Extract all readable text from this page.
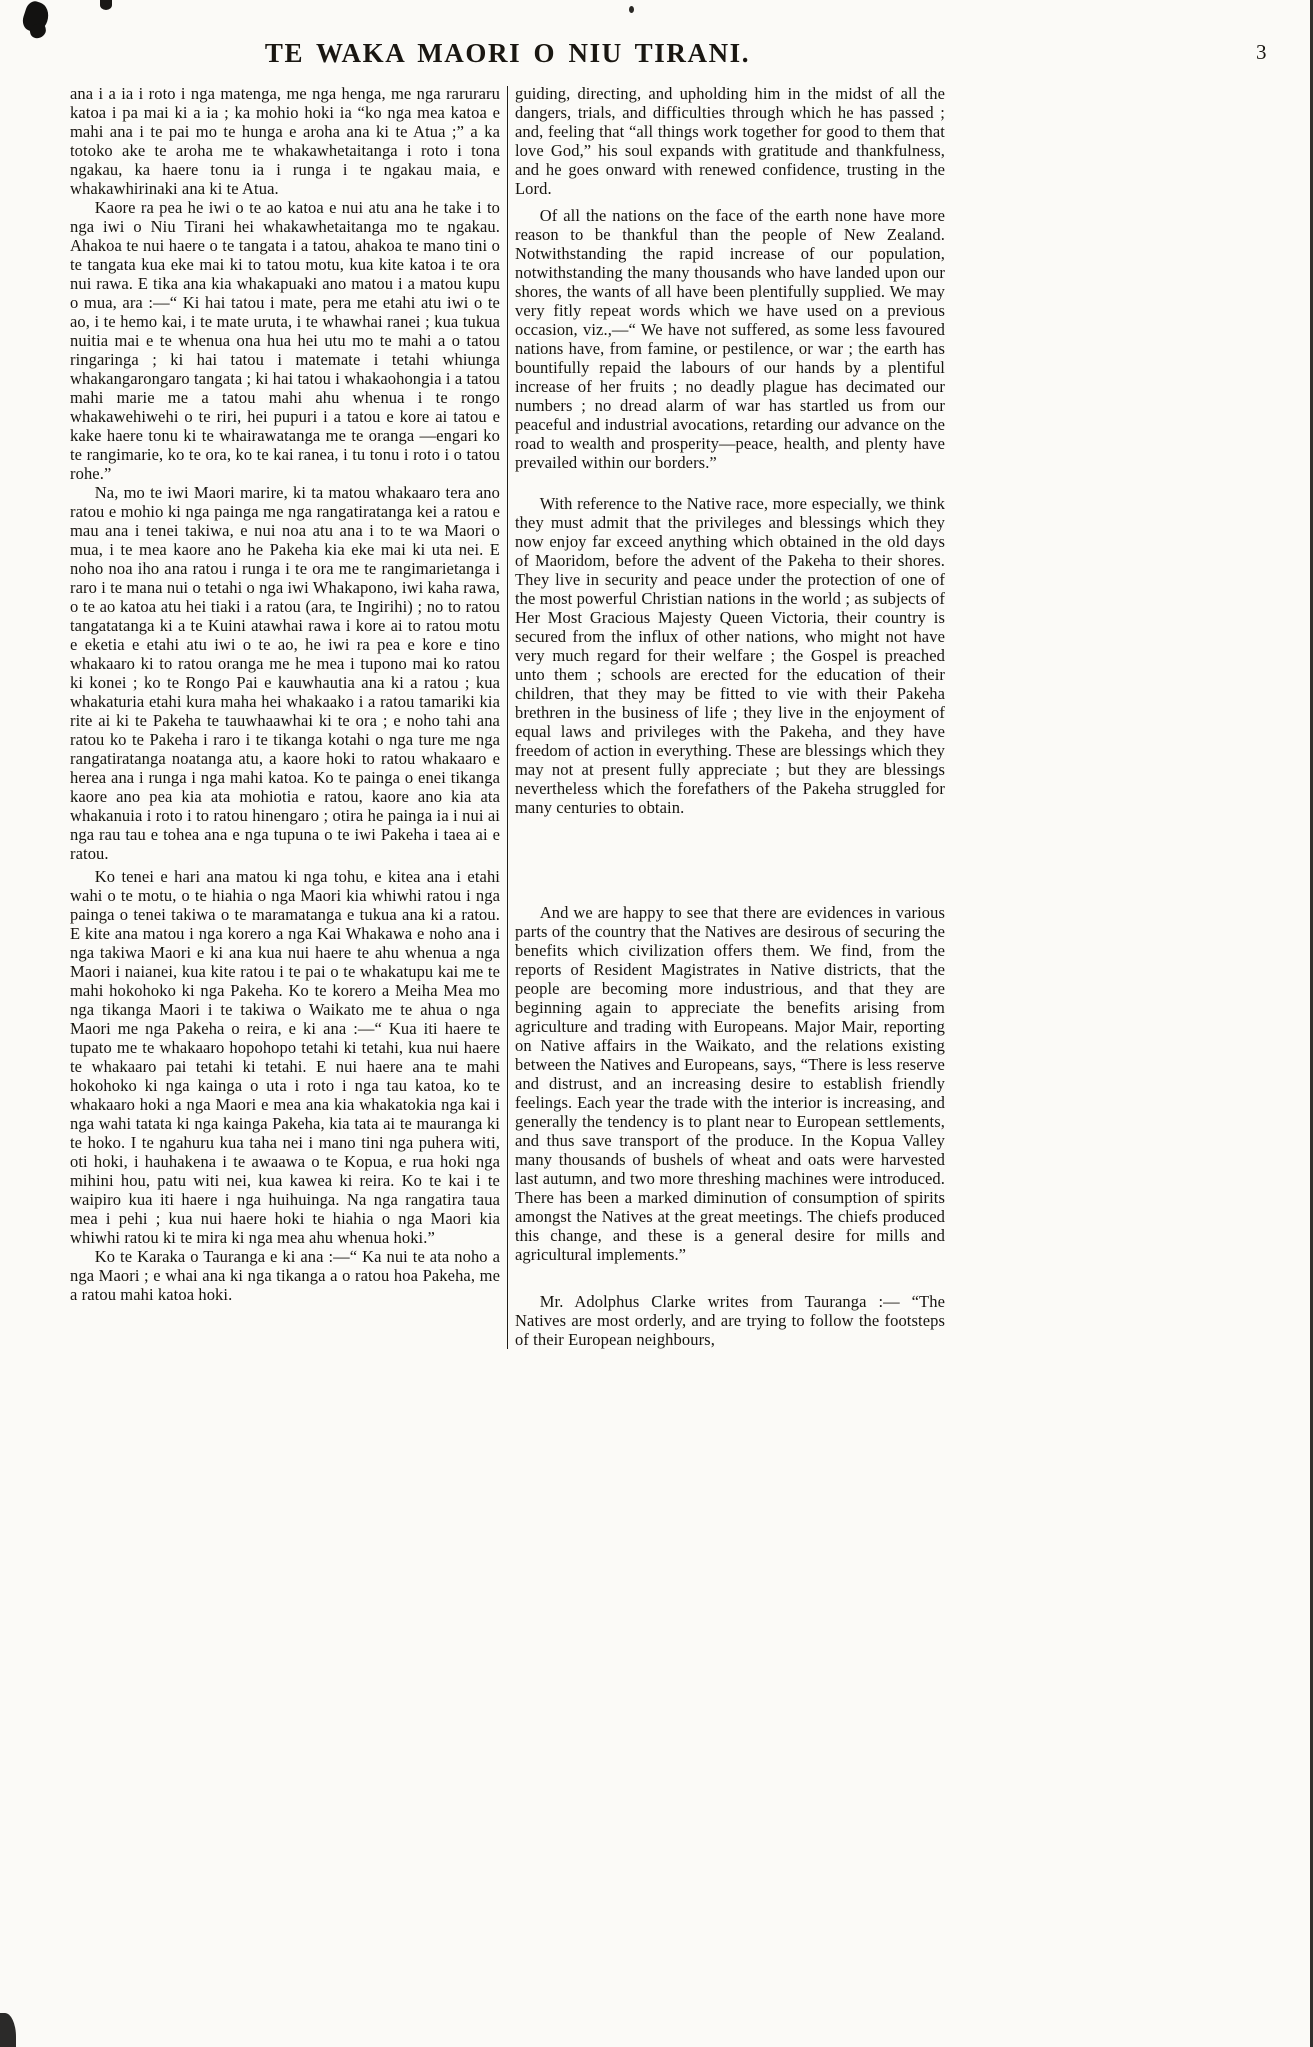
TE WAKA MAORI O NIU TIRANI.	3

ana i a ia i roto i nga matenga, me nga henga, me nga raruraru katoa i pa mai ki a ia ; ka mohio hoki ia “ko nga mea katoa e mahi ana i te pai mo te hunga e aroha ana ki te Atua ;” a ka totoko ake te aroha me te whakawhetaitanga i roto i tona ngakau, ka haere tonu ia i runga i te ngakau maia, e whakawhirinaki ana ki te Atua.

Kaore ra pea he iwi o te ao katoa e nui atu ana he take i to nga iwi o Niu Tirani hei whakawhetaitanga mo te ngakau. Ahakoa te nui haere o te tangata i a tatou, ahakoa te mano tini o te tangata kua eke mai ki to tatou motu, kua kite katoa i te ora nui rawa. E tika ana kia whakapuaki ano matou i a matou kupu o mua, ara :—“ Ki hai tatou i mate, pera me etahi atu iwi o te ao, i te hemo kai, i te mate uruta, i te whawhai ranei ; kua tukua nuitia mai e te whenua ona hua hei utu mo te mahi a o tatou ringaringa ; ki hai tatou i matemate i tetahi whiunga whakangarongaro tangata ; ki hai tatou i whakaohongia i a tatou mahi marie me a tatou mahi ahu whenua i te rongo whakawehiwehi o te riri, hei pupuri i a tatou e kore ai tatou e kake haere tonu ki te whairawatanga me te oranga —engari ko te rangimarie, ko te ora, ko te kai ranea, i tu tonu i roto i o tatou rohe.”

Na, mo te iwi Maori marire, ki ta matou whakaaro tera ano ratou e mohio ki nga painga me nga rangatiratanga kei a ratou e mau ana i tenei takiwa, e nui noa atu ana i to te wa Maori o mua, i te mea kaore ano he Pakeha kia eke mai ki uta nei. E noho noa iho ana ratou i runga i te ora me te rangimarietanga i raro i te mana nui o tetahi o nga iwi Whakapono, iwi kaha rawa, o te ao katoa atu hei tiaki i a ratou (ara, te Ingirihi) ; no to ratou tangatatanga ki a te Kuini atawhai rawa i kore ai to ratou motu e eketia e etahi atu iwi o te ao, he iwi ra pea e kore e tino whakaaro ki to ratou oranga me he mea i tupono mai ko ratou ki konei ; ko te Rongo Pai e kauwhautia ana ki a ratou ; kua whakaturia etahi kura maha hei whakaako i a ratou tamariki kia rite ai ki te Pakeha te tauwhaawhai ki te ora ; e noho tahi ana ratou ko te Pakeha i raro i te tikanga kotahi o nga ture me nga rangatiratanga noatanga atu, a kaore hoki to ratou whakaaro e herea ana i runga i nga mahi katoa. Ko te painga o enei tikanga kaore ano pea kia ata mohiotia e ratou, kaore ano kia ata whakanuia i roto i to ratou hinengaro ; otira he painga ia i nui ai nga rau tau e tohea ana e nga tupuna o te iwi Pakeha i taea ai e ratou.

Ko tenei e hari ana matou ki nga tohu, e kitea ana i etahi wahi o te motu, o te hiahia o nga Maori kia whiwhi ratou i nga painga o tenei takiwa o te maramatanga e tukua ana ki a ratou. E kite ana matou i nga korero a nga Kai Whakawa e noho ana i nga takiwa Maori e ki ana kua nui haere te ahu whenua a nga Maori i naianei, kua kite ratou i te pai o te whakatupu kai me te mahi hokohoko ki nga Pakeha. Ko te korero a Meiha Mea mo nga tikanga Maori i te takiwa o Waikato me te ahua o nga Maori me nga Pakeha o reira, e ki ana :—“ Kua iti haere te tupato me te whakaaro hopohopo tetahi ki tetahi, kua nui haere te whakaaro pai tetahi ki tetahi. E nui haere ana te mahi hokohoko ki nga kainga o uta i roto i nga tau katoa, ko te whakaaro hoki a nga Maori e mea ana kia whakatokia nga kai i nga wahi tatata ki nga kainga Pakeha, kia tata ai te mauranga ki te hoko. I te ngahuru kua taha nei i mano tini nga puhera witi, oti hoki, i hauhakena i te awaawa o te Kopua, e rua hoki nga mihini hou, patu witi nei, kua kawea ki reira. Ko te kai i te waipiro kua iti haere i nga huihuinga. Na nga rangatira taua mea i pehi ; kua nui haere hoki te hiahia o nga Maori kia whiwhi ratou ki te mira ki nga mea ahu whenua hoki.”

Ko te Karaka o Tauranga e ki ana :—“ Ka nui te ata noho a nga Maori ; e whai ana ki nga tikanga a o ratou hoa Pakeha, me a ratou mahi katoa hoki.

guiding, directing, and upholding him in the midst of all the dangers, trials, and difficulties through which he has passed ; and, feeling that “all things work together for good to them that love God,” his soul expands with gratitude and thankfulness, and he goes onward with renewed confidence, trusting in the Lord.

Of all the nations on the face of the earth none have more reason to be thankful than the people of New Zealand. Notwithstanding the rapid increase of our population, notwithstanding the many thousands who have landed upon our shores, the wants of all have been plentifully supplied. We may very fitly repeat words which we have used on a previous occasion, viz.,—“ We have not suffered, as some less favoured nations have, from famine, or pestilence, or war ; the earth has bountifully repaid the labours of our hands by a plentiful increase of her fruits ; no deadly plague has decimated our numbers ; no dread alarm of war has startled us from our peaceful and industrial avocations, retarding our advance on the road to wealth and prosperity—peace, health, and plenty have prevailed within our borders.”

With reference to the Native race, more especially, we think they must admit that the privileges and blessings which they now enjoy far exceed anything which obtained in the old days of Maoridom, before the advent of the Pakeha to their shores. They live in security and peace under the protection of one of the most powerful Christian nations in the world ; as subjects of Her Most Gracious Majesty Queen Victoria, their country is secured from the influx of other nations, who might not have very much regard for their welfare ; the Gospel is preached unto them ; schools are erected for the education of their children, that they may be fitted to vie with their Pakeha brethren in the business of life ; they live in the enjoyment of equal laws and privileges with the Pakeha, and they have freedom of action in everything. These are blessings which they may not at present fully appreciate ; but they are blessings nevertheless which the forefathers of the Pakeha struggled for many centuries to obtain.

And we are happy to see that there are evidences in various parts of the country that the Natives are desirous of securing the benefits which civilization offers them. We find, from the reports of Resident Magistrates in Native districts, that the people are becoming more industrious, and that they are beginning again to appreciate the benefits arising from agriculture and trading with Europeans. Major Mair, reporting on Native affairs in the Waikato, and the relations existing between the Natives and Europeans, says, “There is less reserve and distrust, and an increasing desire to establish friendly feelings. Each year the trade with the interior is increasing, and generally the tendency is to plant near to European settlements, and thus save transport of the produce. In the Kopua Valley many thousands of bushels of wheat and oats were harvested last autumn, and two more threshing machines were introduced. There has been a marked diminution of consumption of spirits amongst the Natives at the great meetings. The chiefs produced this change, and these is a general desire for mills and agricultural implements.”

Mr. Adolphus Clarke writes from Tauranga :— “The Natives are most orderly, and are trying to follow the footsteps of their European neighbours,
